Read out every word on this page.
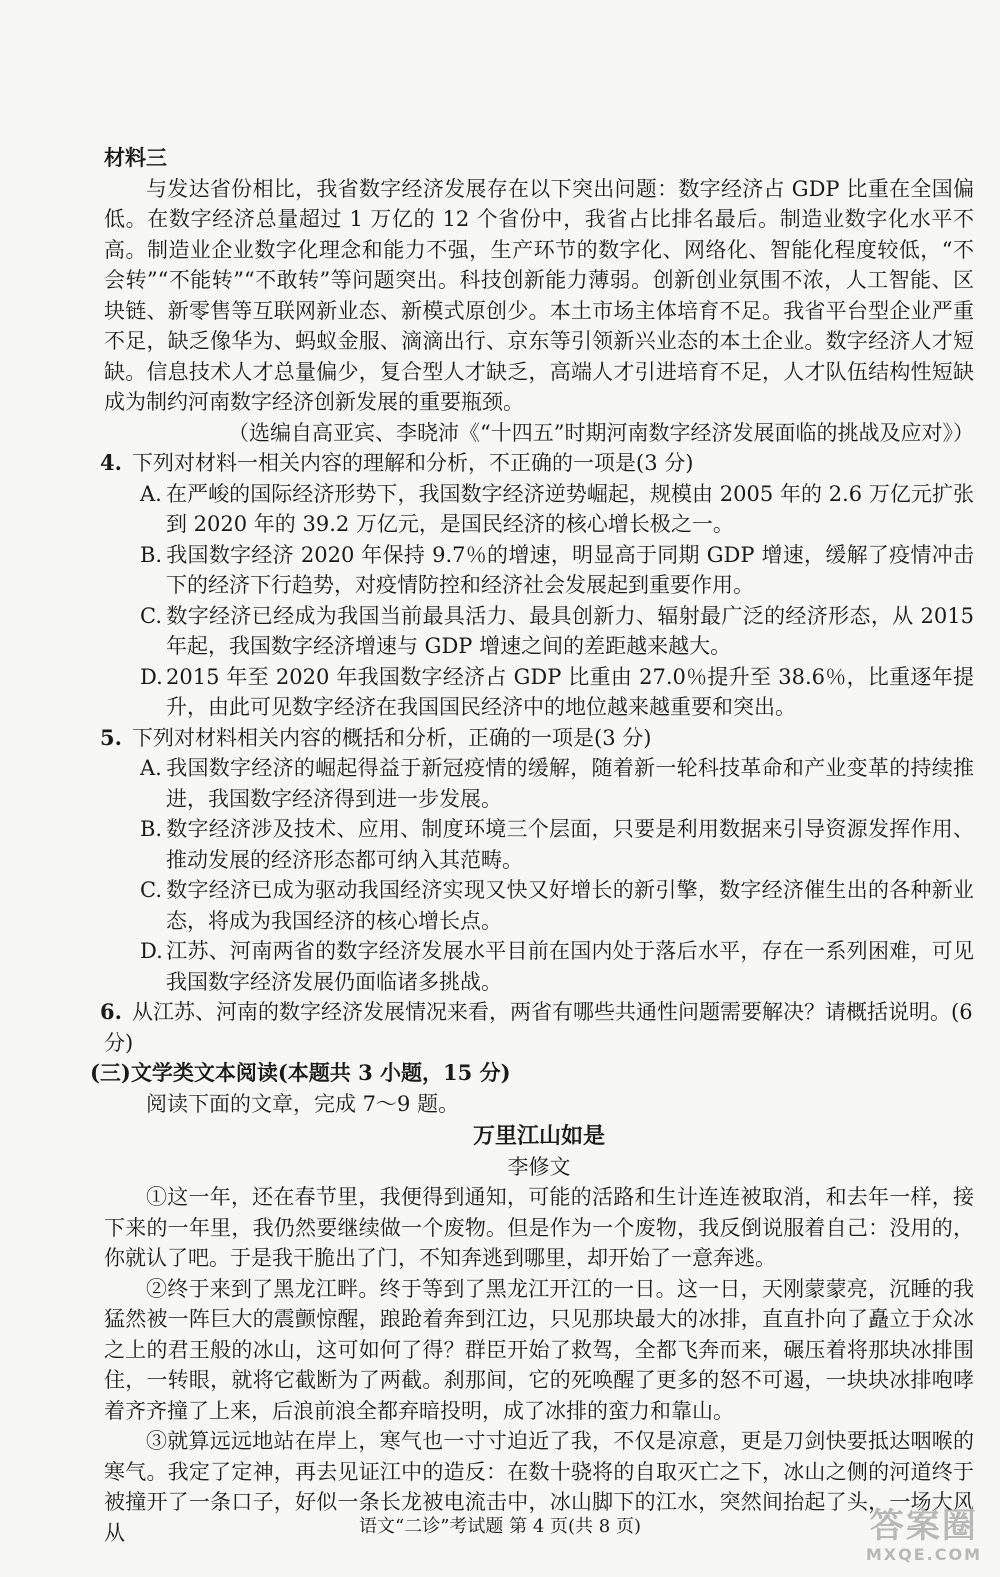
材料三

与发达省份相比，我省数字经济发展存在以下突出问题：数字经济占 GDP 比重在全国偏低。在数字经济总量超过 1 万亿的 12 个省份中，我省占比排名最后。制造业数字化水平不高。制造业企业数字化理念和能力不强，生产环节的数字化、网络化、智能化程度较低，“不会转”“不能转”“不敢转”等问题突出。科技创新能力薄弱。创新创业氛围不浓，人工智能、区块链、新零售等互联网新业态、新模式原创少。本土市场主体培育不足。我省平台型企业严重不足，缺乏像华为、蚂蚁金服、滴滴出行、京东等引领新兴业态的本土企业。数字经济人才短缺。信息技术人才总量偏少，复合型人才缺乏，高端人才引进培育不足，人才队伍结构性短缺成为制约河南数字经济创新发展的重要瓶颈。

（选编自高亚宾、李晓沛《“十四五”时期河南数字经济发展面临的挑战及应对》）

4. 下列对材料一相关内容的理解和分析，不正确的一项是(3 分)

A. 在严峻的国际经济形势下，我国数字经济逆势崛起，规模由 2005 年的 2.6 万亿元扩张到 2020 年的 39.2 万亿元，是国民经济的核心增长极之一。

B. 我国数字经济 2020 年保持 9.7％的增速，明显高于同期 GDP 增速，缓解了疫情冲击下的经济下行趋势，对疫情防控和经济社会发展起到重要作用。

C. 数字经济已经成为我国当前最具活力、最具创新力、辐射最广泛的经济形态，从 2015 年起，我国数字经济增速与 GDP 增速之间的差距越来越大。

D. 2015 年至 2020 年我国数字经济占 GDP 比重由 27.0％提升至 38.6％，比重逐年提升，由此可见数字经济在我国国民经济中的地位越来越重要和突出。

5. 下列对材料相关内容的概括和分析，正确的一项是(3 分)

A. 我国数字经济的崛起得益于新冠疫情的缓解，随着新一轮科技革命和产业变革的持续推进，我国数字经济得到进一步发展。

B. 数字经济涉及技术、应用、制度环境三个层面，只要是利用数据来引导资源发挥作用、推动发展的经济形态都可纳入其范畴。

C. 数字经济已成为驱动我国经济实现又快又好增长的新引擎，数字经济催生出的各种新业态，将成为我国经济的核心增长点。

D. 江苏、河南两省的数字经济发展水平目前在国内处于落后水平，存在一系列困难，可见我国数字经济发展仍面临诸多挑战。

6. 从江苏、河南的数字经济发展情况来看，两省有哪些共通性问题需要解决？请概括说明。(6 分)

(三)文学类文本阅读(本题共 3 小题，15 分)

阅读下面的文章，完成 7～9 题。

万里江山如是

李修文

①这一年，还在春节里，我便得到通知，可能的活路和生计连连被取消，和去年一样，接下来的一年里，我仍然要继续做一个废物。但是作为一个废物，我反倒说服着自己：没用的，你就认了吧。于是我干脆出了门，不知奔逃到哪里，却开始了一意奔逃。

②终于来到了黑龙江畔。终于等到了黑龙江开江的一日。这一日，天刚蒙蒙亮，沉睡的我猛然被一阵巨大的震颤惊醒，踉跄着奔到江边，只见那块最大的冰排，直直扑向了矗立于众冰之上的君王般的冰山，这可如何了得？群臣开始了救驾，全都飞奔而来，碾压着将那块冰排围住，一转眼，就将它截断为了两截。刹那间，它的死唤醒了更多的怒不可遏，一块块冰排咆哮着齐齐撞了上来，后浪前浪全都弃暗投明，成了冰排的蛮力和靠山。

③就算远远地站在岸上，寒气也一寸寸迫近了我，不仅是凉意，更是刀剑快要抵达咽喉的寒气。我定了定神，再去见证江中的造反：在数十骁将的自取灭亡之下，冰山之侧的河道终于被撞开了一条口子，好似一条长龙被电流击中，冰山脚下的江水，突然间抬起了头，一场大风从	语文“二诊”考试题 第 4 页(共 8 页)	答案圈
MXQE.COM
